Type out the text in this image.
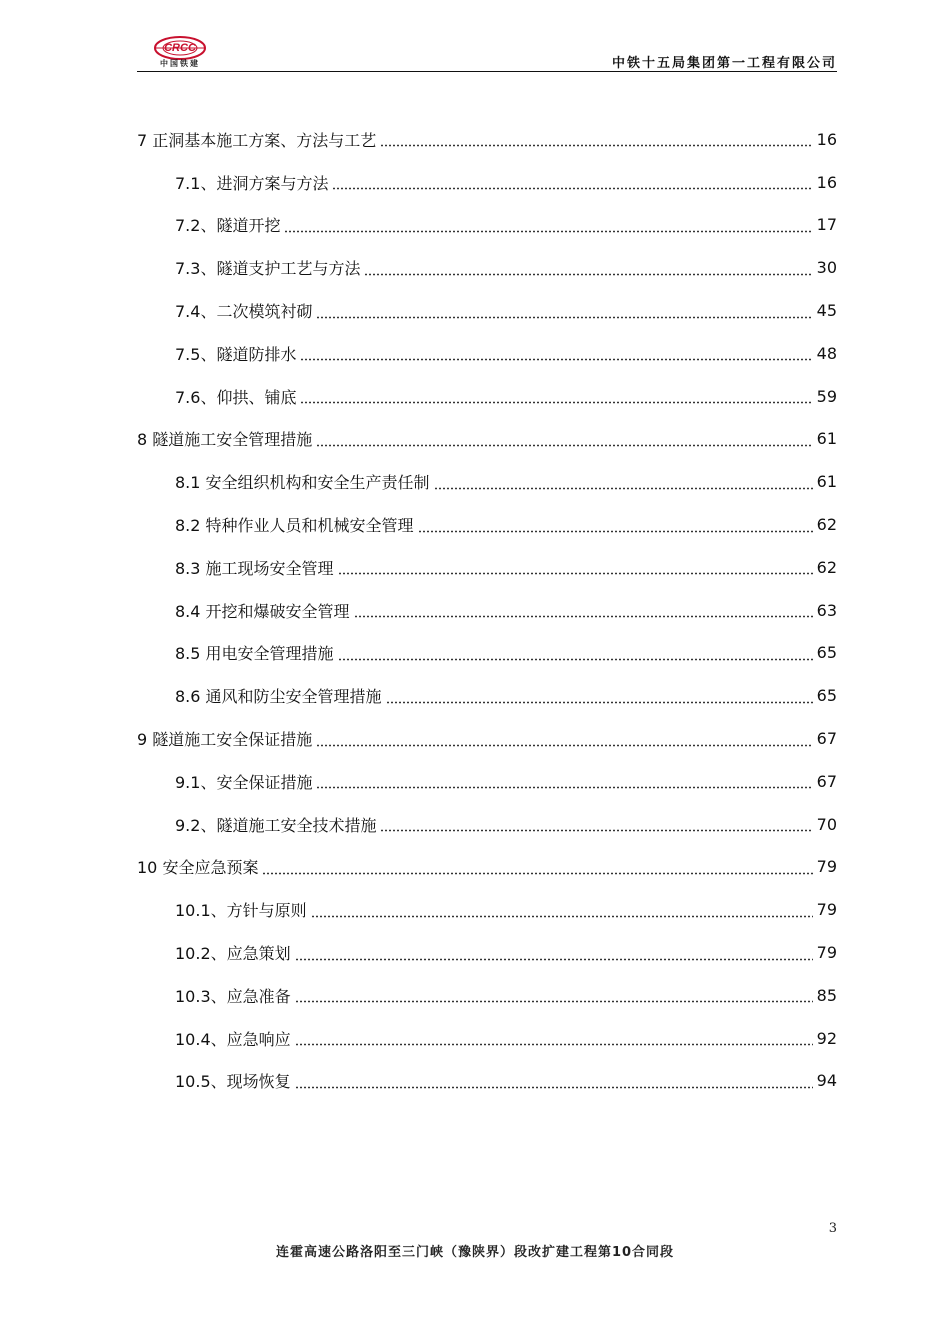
CRCC
中国铁建	中铁十五局集团第一工程有限公司
7 正洞基本施工方案、方法与工艺	16
7.1、进洞方案与方法	16
7.2、隧道开挖	17
7.3、隧道支护工艺与方法	30
7.4、二次模筑衬砌	45
7.5、隧道防排水	48
7.6、仰拱、铺底	59
8 隧道施工安全管理措施	61
8.1 安全组织机构和安全生产责任制	61
8.2 特种作业人员和机械安全管理	62
8.3 施工现场安全管理	62
8.4 开挖和爆破安全管理	63
8.5 用电安全管理措施	65
8.6 通风和防尘安全管理措施	65
9 隧道施工安全保证措施	67
9.1、安全保证措施	67
9.2、隧道施工安全技术措施	70
10 安全应急预案	79
10.1、方针与原则	79
10.2、应急策划	79
10.3、应急准备	85
10.4、应急响应	92
10.5、现场恢复	94
3
连霍高速公路洛阳至三门峡（豫陕界）段改扩建工程第10合同段
